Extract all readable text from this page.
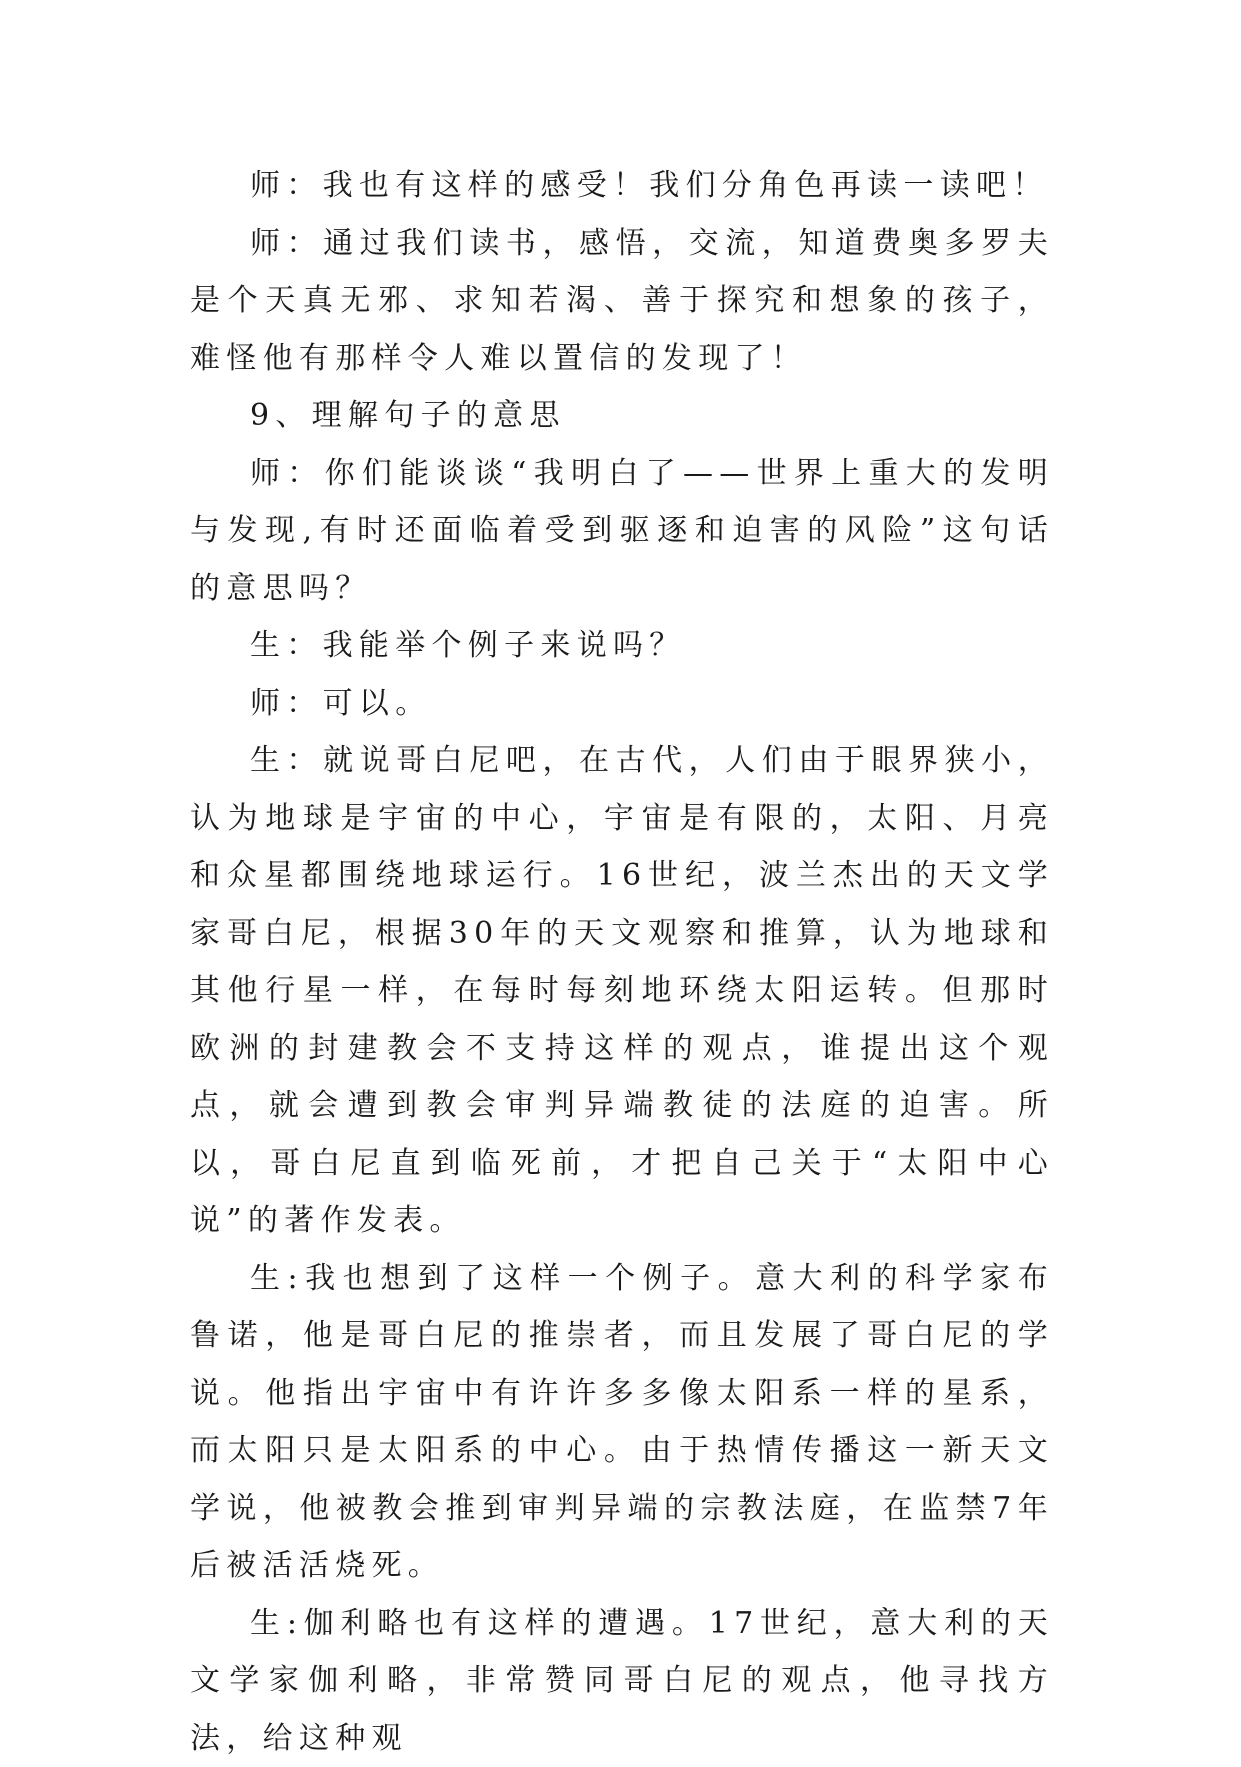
师：我也有这样的感受！我们分角色再读一读吧！

师：通过我们读书，感悟，交流，知道费奥多罗夫是个天真无邪、求知若渴、善于探究和想象的孩子，难怪他有那样令人难以置信的发现了！

9、理解句子的意思

师：你们能谈谈“我明白了——世界上重大的发明与发现,有时还面临着受到驱逐和迫害的风险”这句话的意思吗？

生：我能举个例子来说吗？

师：可以。

生：就说哥白尼吧，在古代，人们由于眼界狭小，认为地球是宇宙的中心，宇宙是有限的，太阳、月亮和众星都围绕地球运行。16世纪，波兰杰出的天文学家哥白尼，根据30年的天文观察和推算，认为地球和其他行星一样，在每时每刻地环绕太阳运转。但那时欧洲的封建教会不支持这样的观点，谁提出这个观点，就会遭到教会审判异端教徒的法庭的迫害。所以，哥白尼直到临死前，才把自己关于“太阳中心说”的著作发表。

生:我也想到了这样一个例子。意大利的科学家布鲁诺，他是哥白尼的推崇者，而且发展了哥白尼的学说。他指出宇宙中有许许多多像太阳系一样的星系，而太阳只是太阳系的中心。由于热情传播这一新天文学说，他被教会推到审判异端的宗教法庭，在监禁7年后被活活烧死。

生:伽利略也有这样的遭遇。17世纪，意大利的天文学家伽利略，非常赞同哥白尼的观点，他寻找方法，给这种观
